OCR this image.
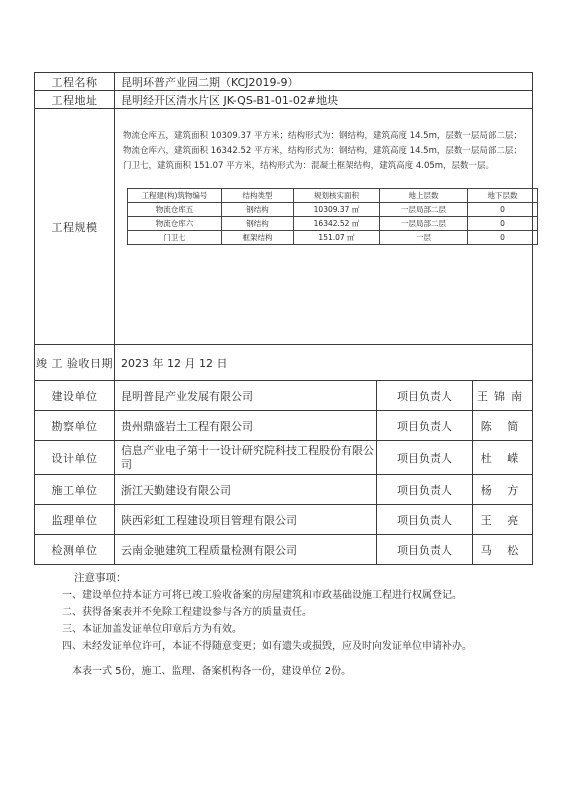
工程名称	昆明环普产业园二期（KCJ2019-9）
工程地址	昆明经开区清水片区 JK-QS-B1-01-02#地块
工程规模	

物流仓库五，建筑面积 10309.37 平方米；结构形式为：钢结构，建筑高度 14.5m，层数一层局部二层；

物流仓库六，建筑面积 16342.52 平方米，结构形式为：钢结构，建筑高度 14.5m，层数一层局部二层；

门卫七，建筑面积 151.07 平方米，结构形式为：混凝土框架结构，建筑高度 4.05m，层数一层。

工程建(构)筑物编号	结构类型	规划核实面积	地上层数	地下层数
物流仓库五	钢结构	10309.37 ㎡	一层局部二层	0
物流仓库六	钢结构	16342.52 ㎡	一层局部二层	0
门卫七	框架结构	151.07 ㎡	一层	0

竣 工 验收日期	2023 年 12 月 12 日
建设单位	昆明普昆产业发展有限公司	项目负责人	王锦南
勘察单位	贵州鼎盛岩土工程有限公司	项目负责人	陈 简
设计单位	信息产业电子第十一设计研究院科技工程股份有限公司	项目负责人	杜 嵘
施工单位	浙江天勤建设有限公司	项目负责人	杨 方
监理单位	陕西彩虹工程建设项目管理有限公司	项目负责人	王 亮
检测单位	云南金驰建筑工程质量检测有限公司	项目负责人	马 松

注意事项：

一、建设单位持本证方可将已竣工验收备案的房屋建筑和市政基础设施工程进行权属登记。

二、获得备案表并不免除工程建设参与各方的质量责任。

三、本证加盖发证单位印章后方为有效。

四、未经发证单位许可，本证不得随意变更；如有遗失或损毁，应及时向发证单位申请补办。

本表一式 5份，施工、监理、备案机构各一份，建设单位 2份。
